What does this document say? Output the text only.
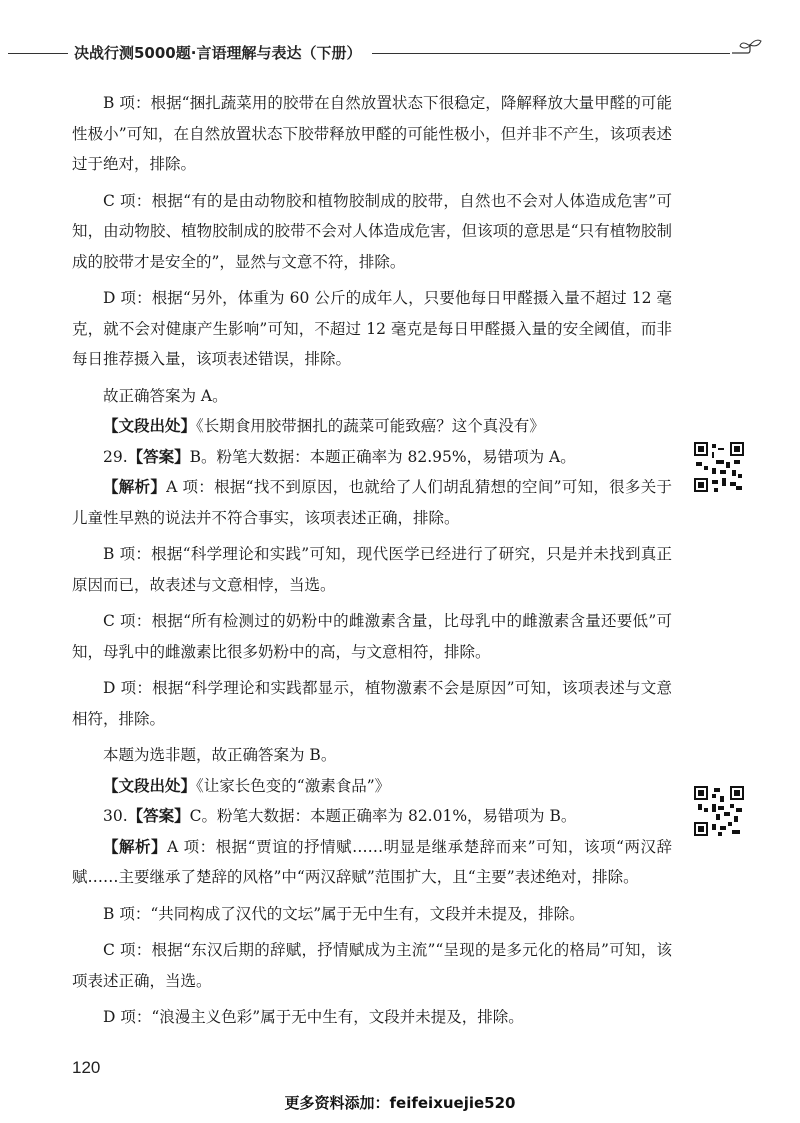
决战行测5000题·言语理解与表达（下册）

B 项：根据“捆扎蔬菜用的胶带在自然放置状态下很稳定，降解释放大量甲醛的可能性极小”可知，在自然放置状态下胶带释放甲醛的可能性极小，但并非不产生，该项表述过于绝对，排除。

C 项：根据“有的是由动物胶和植物胶制成的胶带，自然也不会对人体造成危害”可知，由动物胶、植物胶制成的胶带不会对人体造成危害，但该项的意思是“只有植物胶制成的胶带才是安全的”，显然与文意不符，排除。

D 项：根据“另外，体重为 60 公斤的成年人，只要他每日甲醛摄入量不超过 12 毫克，就不会对健康产生影响”可知，不超过 12 毫克是每日甲醛摄入量的安全阈值，而非每日推荐摄入量，该项表述错误，排除。

故正确答案为 A。

【文段出处】《长期食用胶带捆扎的蔬菜可能致癌？这个真没有》

29.【答案】B。粉笔大数据：本题正确率为 82.95%，易错项为 A。

【解析】A 项：根据“找不到原因，也就给了人们胡乱猜想的空间”可知，很多关于儿童性早熟的说法并不符合事实，该项表述正确，排除。

B 项：根据“科学理论和实践”可知，现代医学已经进行了研究，只是并未找到真正原因而已，故表述与文意相悖，当选。

C 项：根据“所有检测过的奶粉中的雌激素含量，比母乳中的雌激素含量还要低”可知，母乳中的雌激素比很多奶粉中的高，与文意相符，排除。

D 项：根据“科学理论和实践都显示，植物激素不会是原因”可知，该项表述与文意相符，排除。

本题为选非题，故正确答案为 B。

【文段出处】《让家长色变的“激素食品”》

30.【答案】C。粉笔大数据：本题正确率为 82.01%，易错项为 B。

【解析】A 项：根据“贾谊的抒情赋……明显是继承楚辞而来”可知，该项“两汉辞赋……主要继承了楚辞的风格”中“两汉辞赋”范围扩大，且“主要”表述绝对，排除。

B 项：“共同构成了汉代的文坛”属于无中生有，文段并未提及，排除。

C 项：根据“东汉后期的辞赋，抒情赋成为主流”“呈现的是多元化的格局”可知，该项表述正确，当选。

D 项：“浪漫主义色彩”属于无中生有，文段并未提及，排除。

120
更多资料添加：feifeixuejie520
